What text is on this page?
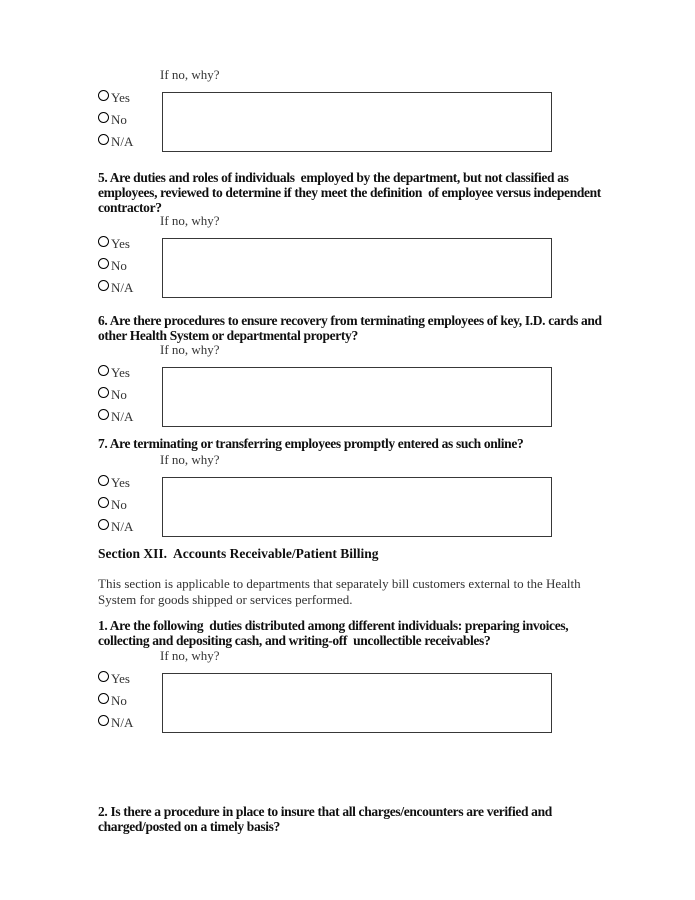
If no, why?
Yes
No
N/A
5. Are duties and roles of individuals  employed by the department, but not classified as employees, reviewed to determine if they meet the definition  of employee versus independent contractor?
If no, why?
Yes
No
N/A
6. Are there procedures to ensure recovery from terminating employees of key, I.D. cards and other Health System or departmental property?
If no, why?
Yes
No
N/A
7. Are terminating or transferring employees promptly entered as such online?
If no, why?
Yes
No
N/A
Section XII.  Accounts Receivable/Patient Billing
This section is applicable to departments that separately bill customers external to the Health System for goods shipped or services performed.
1. Are the following  duties distributed among different individuals: preparing invoices, collecting and depositing cash, and writing-off  uncollectible receivables?
If no, why?
Yes
No
N/A
2. Is there a procedure in place to insure that all charges/encounters are verified and charged/posted on a timely basis?
